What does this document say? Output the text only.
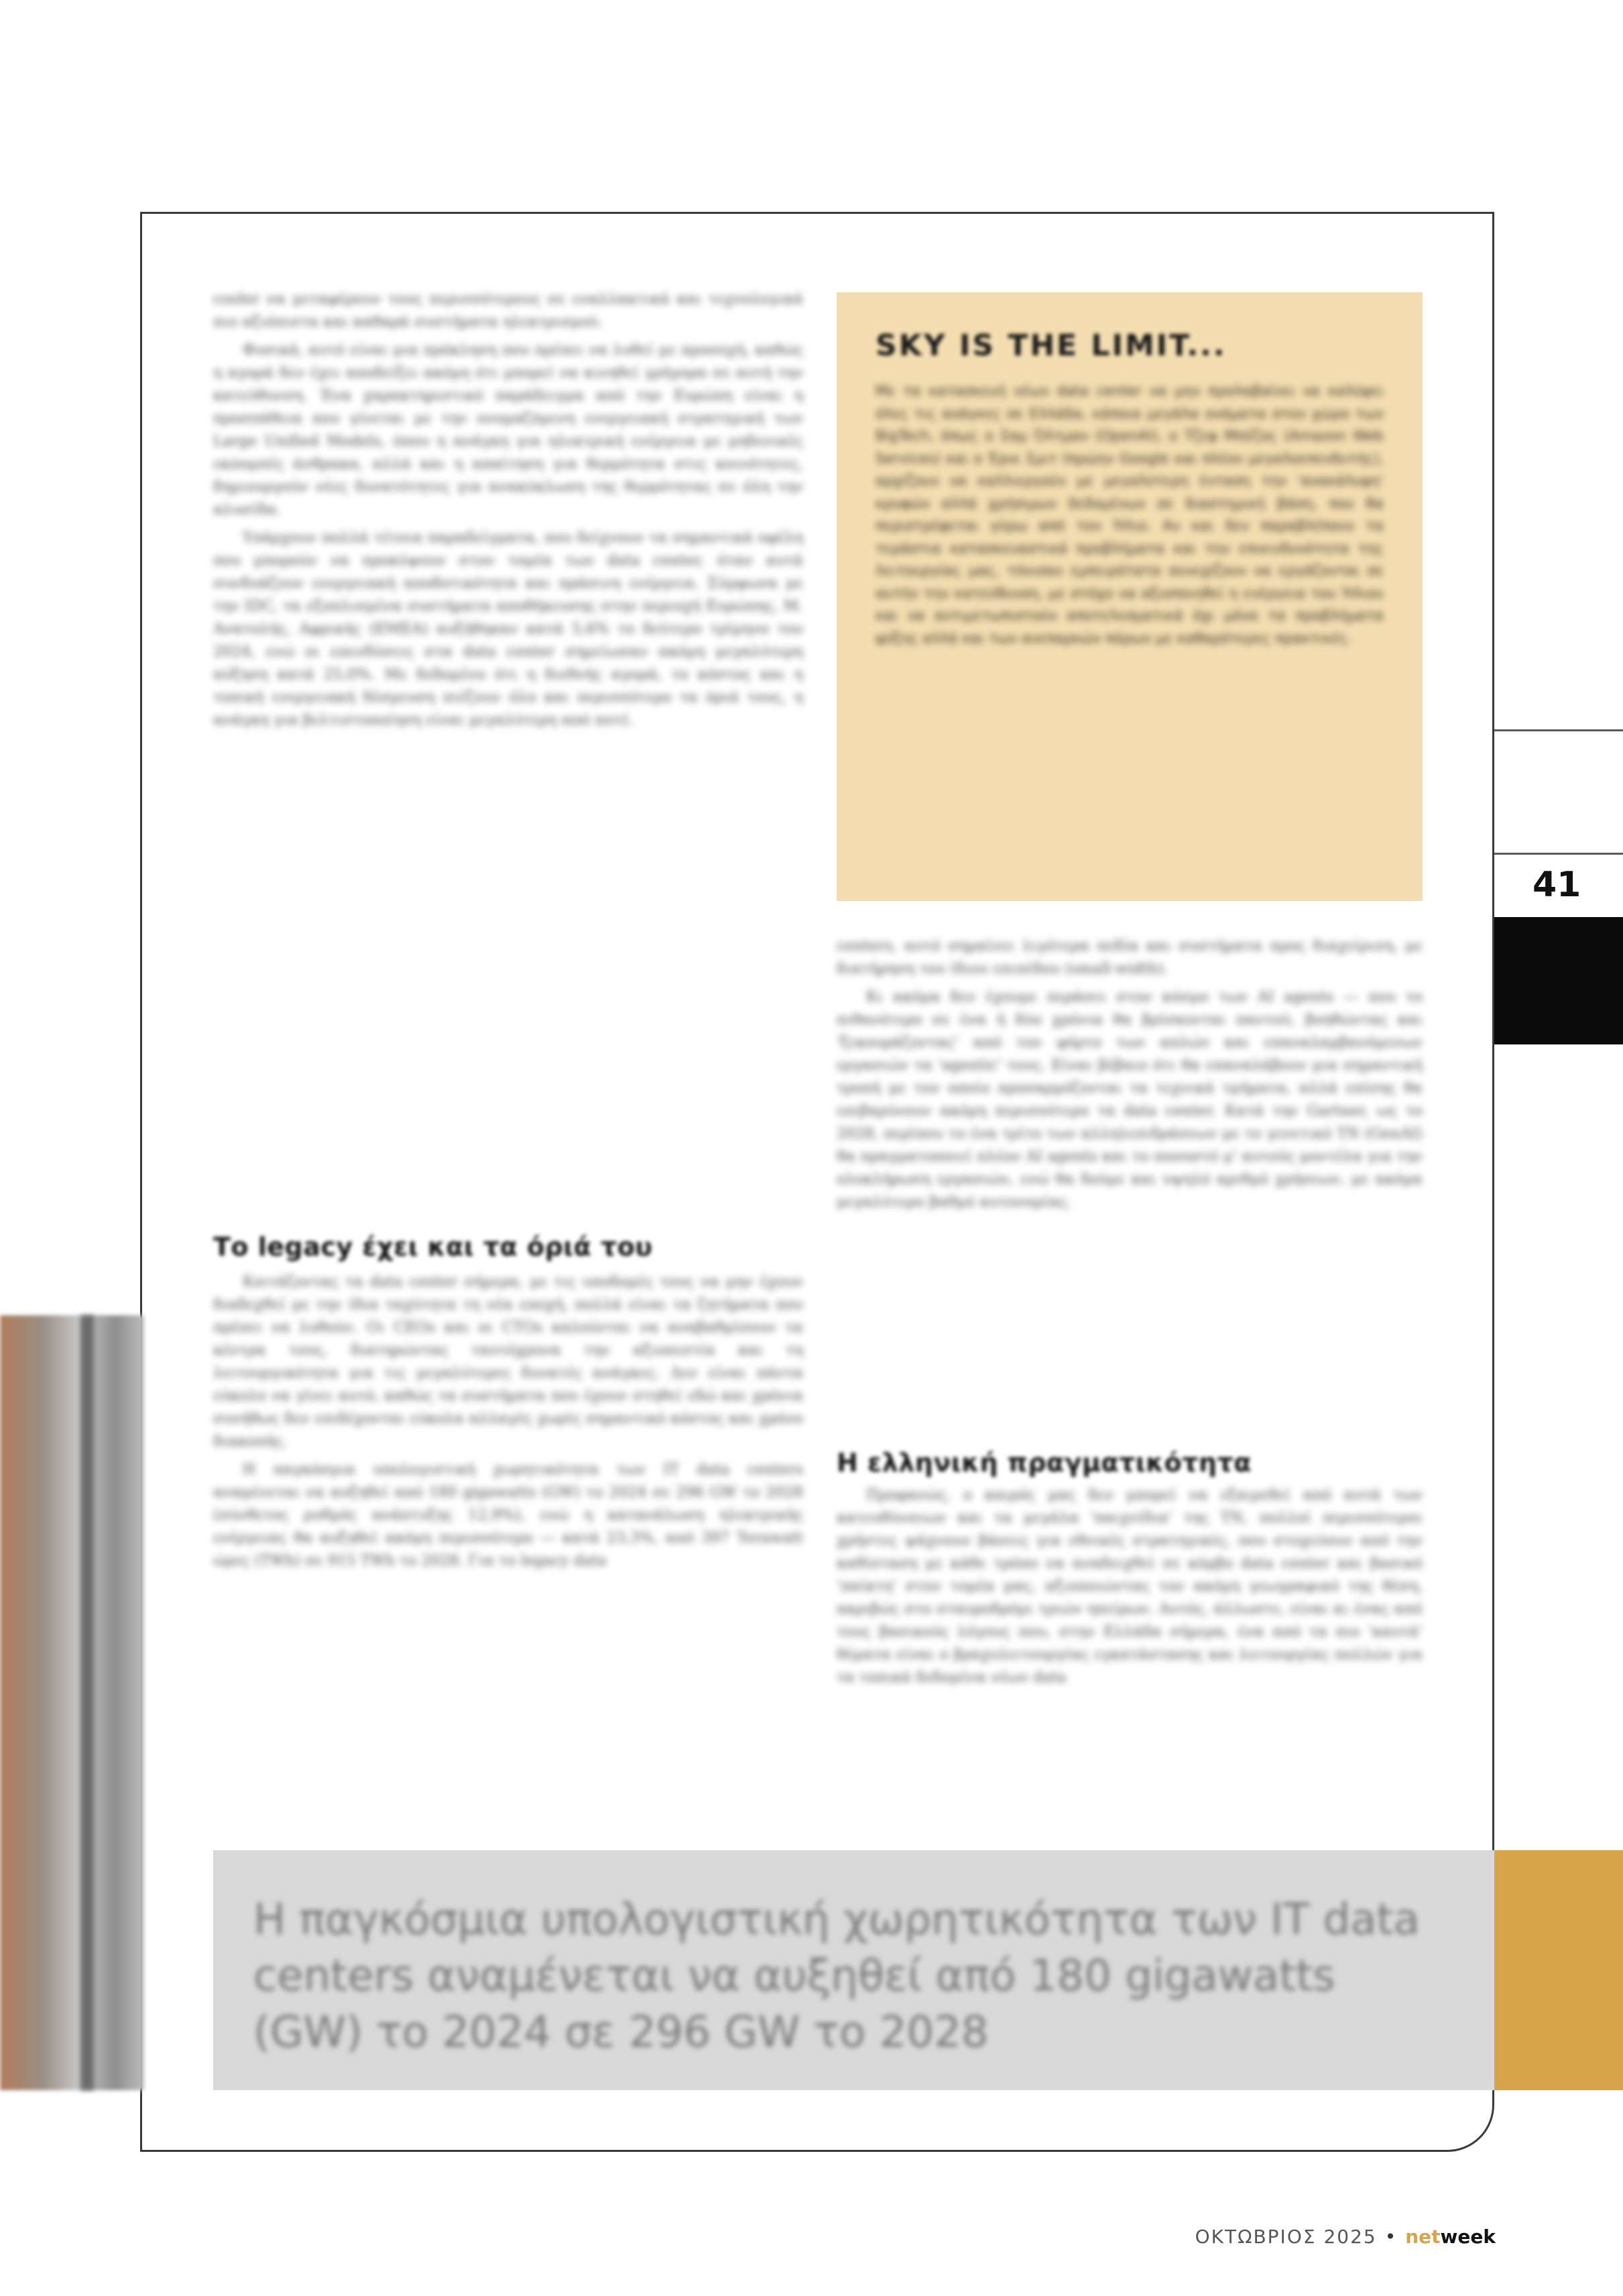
cooler να μεταφέρουν τους περισσότερους σε εναλλακτικά και τεχνολογικά πιο αξιόπιστα και καθαρά συστήματα ηλεκτρισμού.

Φυσικά, αυτό είναι μια πρόκληση που πρέπει να λυθεί με προσοχή, καθώς η αγορά δεν έχει αποδείξει ακόμη ότι μπορεί να κινηθεί γρήγορα σε αυτή την κατεύθυνση. Ένα χαρακτηριστικό παράδειγμα από την Ευρώπη είναι η προσπάθεια που γίνεται με την ονομαζόμενη ενεργειακή στρατηγική των Large Unified Models, όπου η ανάγκη για ηλεκτρική ενέργεια με μηδενικές εκπομπές άνθρακα, αλλά και η απαίτηση για θερμότητα στις κοινότητες, δημιουργούν νέες δυνατότητες για ανακύκλωση της θερμότητας σε όλη την αλυσίδα.

Υπάρχουν πολλά τέτοια παραδείγματα, που δείχνουν τα σημαντικά οφέλη που μπορούν να προκύψουν στον τομέα των data center, όταν αυτά συνδυάζουν ενεργειακή αποδοτικότητα και πράσινη ενέργεια. Σύμφωνα με την IDC, τα εξοπλισμένα συστήματα αποθήκευσης στην περιοχή Ευρώπης, Μ. Ανατολής, Αφρικής (EMEA) αυξήθηκαν κατά 5,6% το δεύτερο τρίμηνο του 2024, ενώ οι επενδύσεις στα data center σημείωσαν ακόμη μεγαλύτερη αύξηση κατά 25,0%. Με δεδομένο ότι η διεθνής αγορά, το κόστος και η τοπική ενεργειακή δέσμευση πιέζουν όλο και περισσότερο τα όριά τους, η ανάγκη για βελτιστοποίηση είναι μεγαλύτερη από ποτέ.

Το legacy έχει και τα όριά του

Κοιτάζοντας τα data center σήμερα, με τις υποδομές τους να μην έχουν διαδεχθεί με την ίδια ταχύτητα τη νέα εποχή, πολλά είναι τα ζητήματα που πρέπει να λυθούν. Οι CEOs και οι CTOs καλούνται να αναβαθμίσουν τα κέντρα τους, διατηρώντας ταυτόχρονα την αξιοπιστία και τη λειτουργικότητα για τις μεγαλύτερες δυνατές ανάγκες. Δεν είναι πάντα εύκολο να γίνει αυτό, καθώς τα συστήματα που έχουν στηθεί εδώ και χρόνια συνήθως δεν επιδέχονται εύκολα αλλαγές χωρίς σημαντικό κόστος και χρόνο διακοπής.

Η παγκόσμια υπολογιστική χωρητικότητα των IT data centers αναμένεται να αυξηθεί από 180 gigawatts (GW) το 2024 σε 296 GW το 2028 (σύνθετος ρυθμός ανάπτυξης 12,9%), ενώ η κατανάλωση ηλεκτρικής ενέργειας θα αυξηθεί ακόμη περισσότερο — κατά 23,3%, από 397 Terawatt ώρες (TWh) σε 915 TWh το 2028. Για το legacy data

SKY IS THE LIMIT...
Με τα κατασκευή νέων data center να μην προλαβαίνει να καλύψει όλες τις ανάγκες σε Ελλάδα, κάποια μεγάλα ονόματα στον χώρο των BigTech, όπως ο Σαμ Όλτμαν (OpenAI), ο Τζεφ Μπέζος (Amazon Web Services) και ο Έρικ Σμιτ (πρώην Google και πλέον μεγαλοεπενδυτής), αρχίζουν να καλλιεργούν με μεγαλύτερη ένταση την 'ανακάλυψη' κρυφών αλλά χρήσιμων δεδομένων σε διαστημική βάση, που θα περιστρέφεται γύρω από τον Ήλιο. Αν και δεν παραβλέπουν τα τεράστια κατασκευαστικά προβλήματα και την επικινδυνότητα της λειτουργίας μας, τόνισαν εμπειρότατα συνεχίζουν να εργάζονται σε αυτήν την κατεύθυνση, με στόχο να αξιοποιηθεί η ενέργεια του Ήλιου και να αντιμετωπιστούν αποτελεσματικά όχι μόνο τα προβλήματα ψύξης αλλά και των ανεπαρκών πόρων με καθαρότερες πρακτικές.

centers, αυτό σημαίνει λιγότερα πεδία και συστήματα προς διαχείριση, με διατήρηση του ίδιου επιπέδου (small-width).

Κι ακόμα δεν έχουμε περάσει στον κόσμο των AI agents — που το πιθανότερο σε ένα ή δύο χρόνια θα βρίσκονται παντού, βοηθώντας και 'ξεκουράζοντας' από τον φόρτο των απλών και επαναλαμβανόμενων εργασιών τα 'agentic' τους. Είναι βέβαιο ότι θα επαναλάβουν μια σημαντική τροπή με τον οποίο προσαρμόζονται τα τεχνικά τμήματα, αλλά επίσης θα επιβαρύνουν ακόμη περισσότερο τα data center. Κατά την Gartner, ως το 2028, περίπου το ένα τρίτο των αλληλεπιδράσεων με το γενετικό ΤΝ (GenAI) θα πραγματοποιεί πλέον AI agents και το ποσοστό μ' αυτούς μοντέλα για την ολοκλήρωση εργασιών, ενώ θα δούμε και υψηλό αριθμό χρήσεων, με ακόμα μεγαλύτερο βαθμό αυτονομίας.

Η ελληνική πραγματικότητα

Προφανώς, ο καιρός μας δεν μπορεί να εξαιρεθεί από αυτά των κατευθύνσεων και τα μεγάλα 'παιχνίδια' της ΤΝ, πολλοί περισσότεροι χρήστες ψάχνουν βάσεις για εθνικές στρατηγικές, που στοχεύουν από την καθίσταση με κάθε τρόπο να αναδειχθεί σε κόμβο data center και βασικό 'παίκτη' στον τομέα μας, αξιοποιώντας τον ακόμη γεωγραφικό της θέση, ακριβώς στο σταυροδρόμι τριών ηπείρων. Αυτός, άλλωστε, είναι κι ένας από τους βασικούς λόγους που, στην Ελλάδα σήμερα, ένα από τα πιο 'καυτά' θέματα είναι ο βραχυλειτουργίας εγκατάστασης και λειτουργίας πολλών για τα τοπικά δεδομένα νέων data

41
Η παγκόσμια υπολογιστική χωρητικότητα των IT data centers αναμένεται να αυξηθεί από 180 gigawatts (GW) το 2024 σε 296 GW το 2028
ΟΚΤΩΒΡΙΟΣ 2025 • netweek
